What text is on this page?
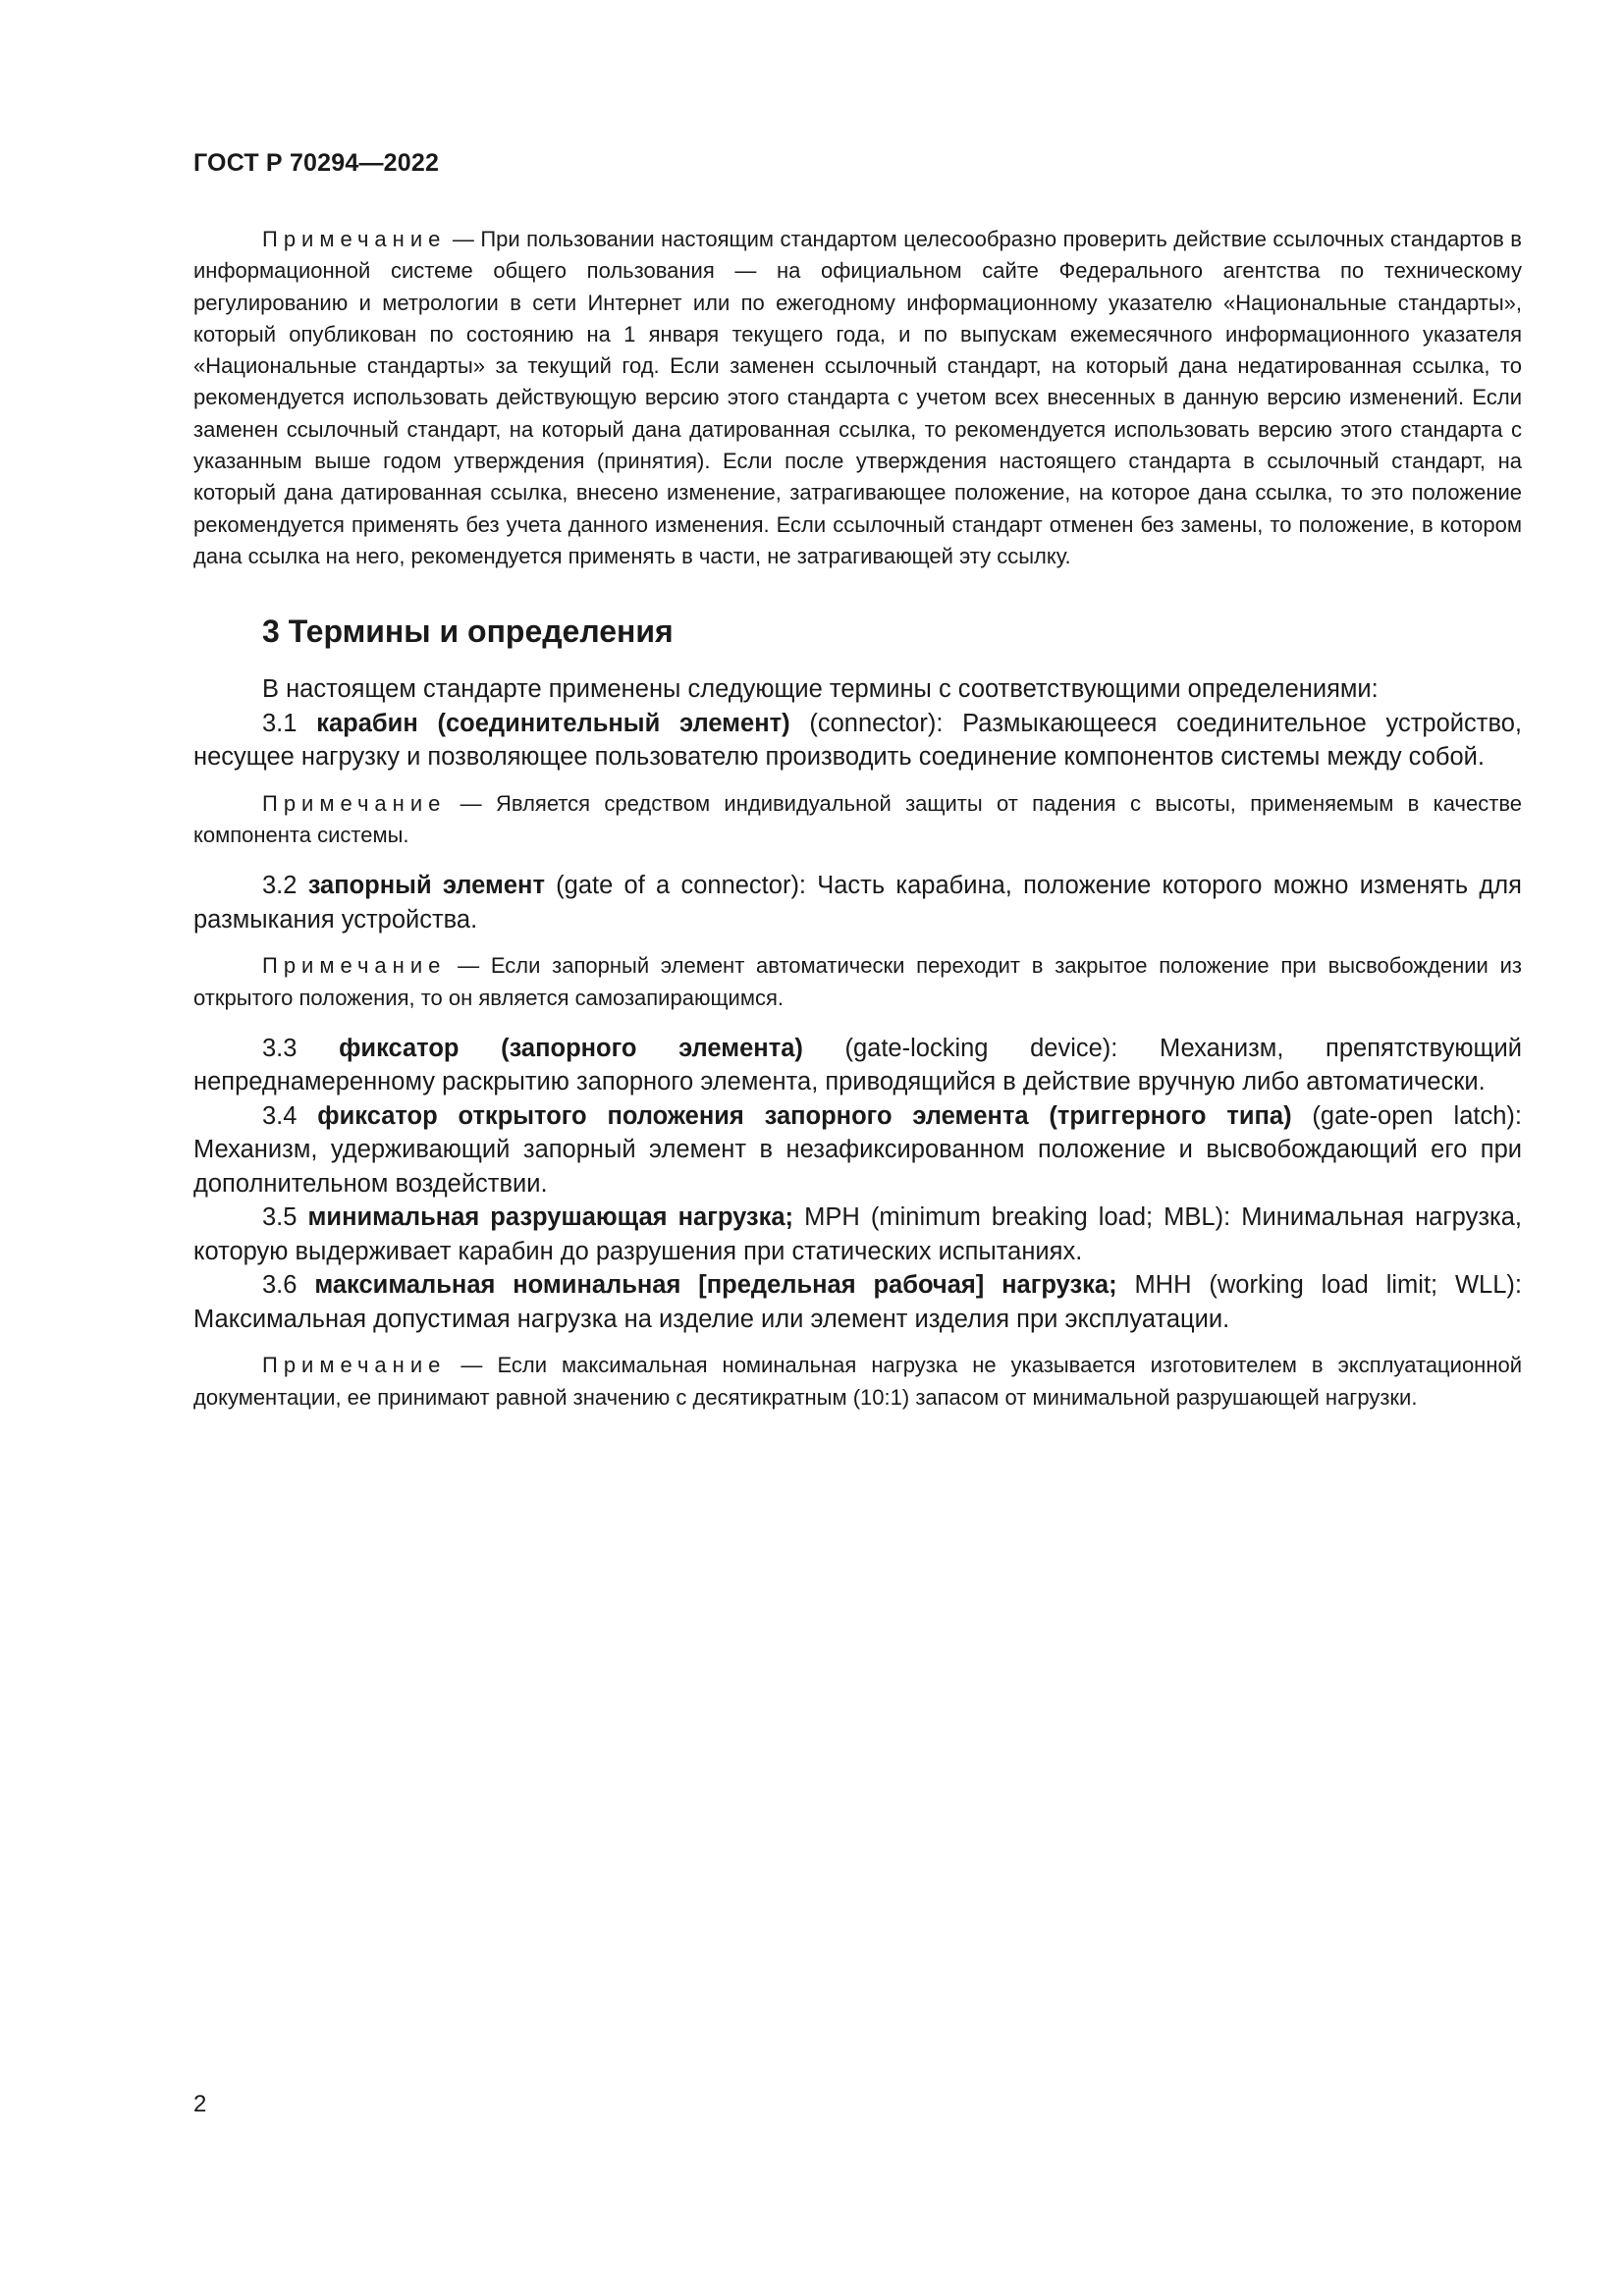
ГОСТ Р 70294—2022

Примечание — При пользовании настоящим стандартом целесообразно проверить действие ссылочных стандартов в информационной системе общего пользования — на официальном сайте Федерального агентства по техническому регулированию и метрологии в сети Интернет или по ежегодному информационному указателю «Национальные стандарты», который опубликован по состоянию на 1 января текущего года, и по выпускам ежемесячного информационного указателя «Национальные стандарты» за текущий год. Если заменен ссылочный стандарт, на который дана недатированная ссылка, то рекомендуется использовать действующую версию этого стандарта с учетом всех внесенных в данную версию изменений. Если заменен ссылочный стандарт, на который дана датированная ссылка, то рекомендуется использовать версию этого стандарта с указанным выше годом утверждения (принятия). Если после утверждения настоящего стандарта в ссылочный стандарт, на который дана датированная ссылка, внесено изменение, затрагивающее положение, на которое дана ссылка, то это положение рекомендуется применять без учета данного изменения. Если ссылочный стандарт отменен без замены, то положение, в котором дана ссылка на него, рекомендуется применять в части, не затрагивающей эту ссылку.

3 Термины и определения

В настоящем стандарте применены следующие термины с соответствующими определениями:

3.1 карабин (соединительный элемент) (connector): Размыкающееся соединительное устройство, несущее нагрузку и позволяющее пользователю производить соединение компонентов системы между собой.

Примечание — Является средством индивидуальной защиты от падения с высоты, применяемым в качестве компонента системы.

3.2 запорный элемент (gate of a connector): Часть карабина, положение которого можно изменять для размыкания устройства.

Примечание — Если запорный элемент автоматически переходит в закрытое положение при высвобождении из открытого положения, то он является самозапирающимся.

3.3 фиксатор (запорного элемента) (gate-locking device): Механизм, препятствующий непреднамеренному раскрытию запорного элемента, приводящийся в действие вручную либо автоматически.

3.4 фиксатор открытого положения запорного элемента (триггерного типа) (gate-open latch): Механизм, удерживающий запорный элемент в незафиксированном положение и высвобождающий его при дополнительном воздействии.

3.5 минимальная разрушающая нагрузка; МРН (minimum breaking load; MBL): Минимальная нагрузка, которую выдерживает карабин до разрушения при статических испытаниях.

3.6 максимальная номинальная [предельная рабочая] нагрузка; МНН (working load limit; WLL): Максимальная допустимая нагрузка на изделие или элемент изделия при эксплуатации.

Примечание — Если максимальная номинальная нагрузка не указывается изготовителем в эксплуатационной документации, ее принимают равной значению с десятикратным (10:1) запасом от минимальной разрушающей нагрузки.

2
